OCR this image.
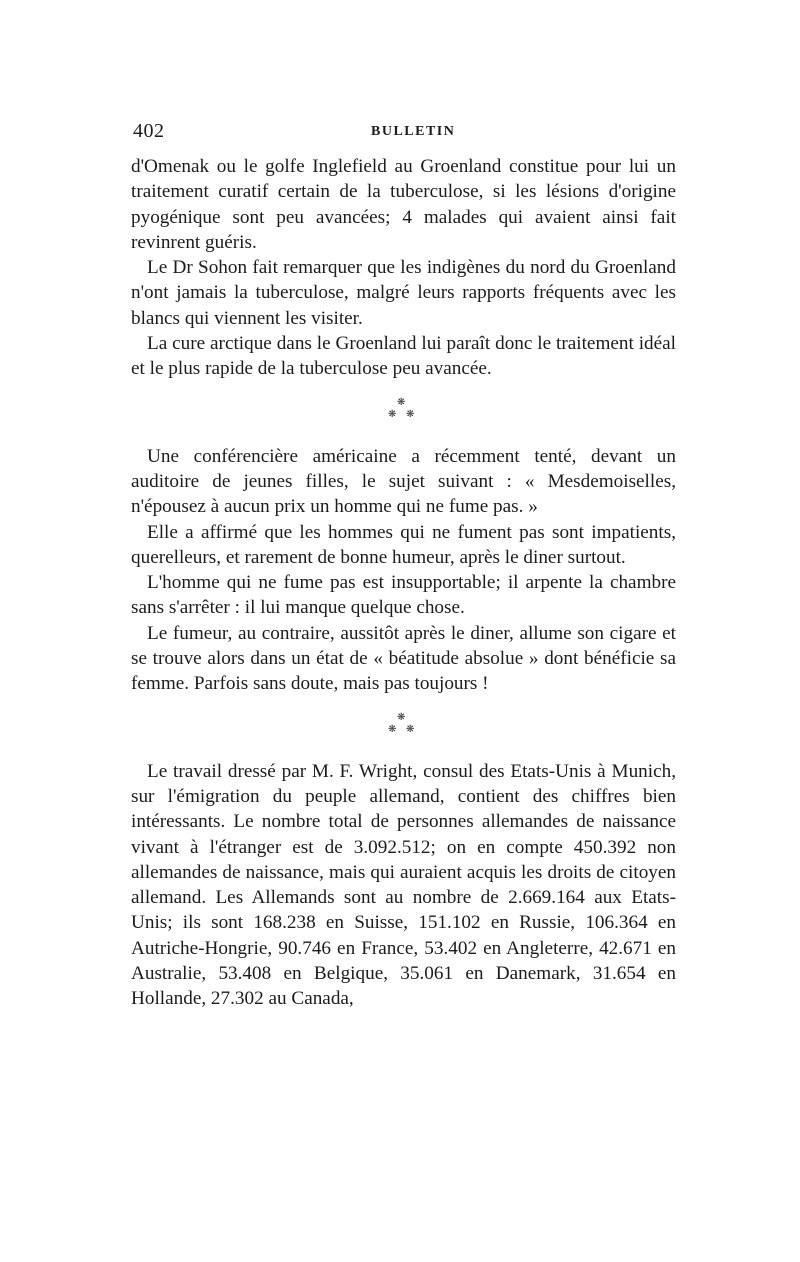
402	BULLETIN

d'Omenak ou le golfe Inglefield au Groenland constitue pour lui un traitement curatif certain de la tuberculose, si les lésions d'origine pyogénique sont peu avancées; 4 malades qui avaient ainsi fait revinrent guéris.

Le Dr Sohon fait remarquer que les indigènes du nord du Groenland n'ont jamais la tuberculose, malgré leurs rapports fréquents avec les blancs qui viennent les visiter.

La cure arctique dans le Groenland lui paraît donc le traitement idéal et le plus rapide de la tuberculose peu avancée.

❋
❋ ❋

Une conférencière américaine a récemment tenté, devant un auditoire de jeunes filles, le sujet suivant : « Mesdemoiselles, n'épousez à aucun prix un homme qui ne fume pas. »

Elle a affirmé que les hommes qui ne fument pas sont impatients, querelleurs, et rarement de bonne humeur, après le diner surtout.

L'homme qui ne fume pas est insupportable; il arpente la chambre sans s'arrêter : il lui manque quelque chose.

Le fumeur, au contraire, aussitôt après le diner, allume son cigare et se trouve alors dans un état de « béatitude absolue » dont bénéficie sa femme. Parfois sans doute, mais pas toujours !

❋
❋ ❋

Le travail dressé par M. F. Wright, consul des Etats-Unis à Munich, sur l'émigration du peuple allemand, contient des chiffres bien intéressants. Le nombre total de personnes allemandes de naissance vivant à l'étranger est de 3.092.512; on en compte 450.392 non allemandes de naissance, mais qui auraient acquis les droits de citoyen allemand. Les Allemands sont au nombre de 2.669.164 aux Etats-Unis; ils sont 168.238 en Suisse, 151.102 en Russie, 106.364 en Autriche-Hongrie, 90.746 en France, 53.402 en Angleterre, 42.671 en Australie, 53.408 en Belgique, 35.061 en Danemark, 31.654 en Hollande, 27.302 au Canada,
